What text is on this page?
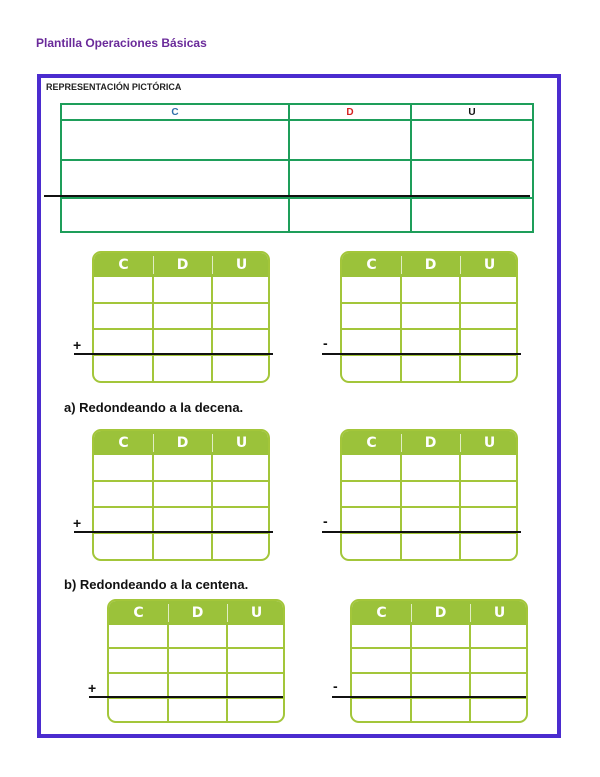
Plantilla Operaciones Básicas
REPRESENTACIÓN PICTÓRICA
C	D	U
C	D	U
+
C	D	U
-
a) Redondeando a la decena.
C	D	U
+
C	D	U
-
b) Redondeando a la centena.
C	D	U
+
C	D	U
-
